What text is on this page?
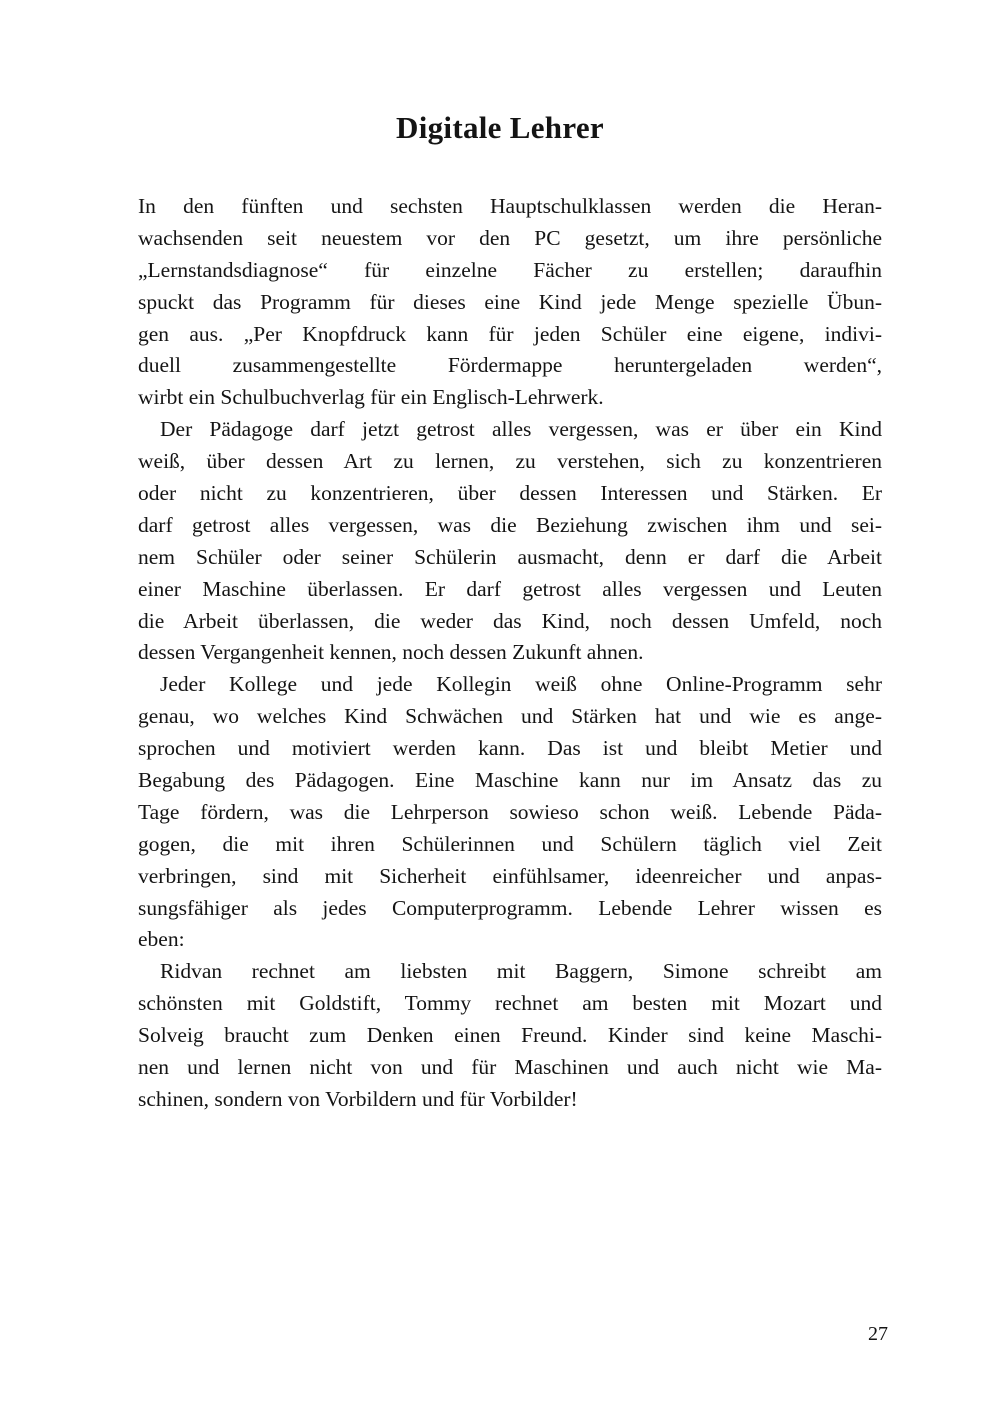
Digitale Lehrer
In den fünften und sechsten Hauptschulklassen werden die Heran-
wachsenden seit neuestem vor den PC gesetzt, um ihre persönliche
„Lernstandsdiagnose“ für einzelne Fächer zu erstellen; daraufhin
spuckt das Programm für dieses eine Kind jede Menge spezielle Übun-
gen aus. „Per Knopfdruck kann für jeden Schüler eine eigene, indivi-
duell zusammengestellte Fördermappe heruntergeladen werden“,
wirbt ein Schulbuchverlag für ein Englisch-Lehrwerk.
Der Pädagoge darf jetzt getrost alles vergessen, was er über ein Kind
weiß, über dessen Art zu lernen, zu verstehen, sich zu konzentrieren
oder nicht zu konzentrieren, über dessen Interessen und Stärken. Er
darf getrost alles vergessen, was die Beziehung zwischen ihm und sei-
nem Schüler oder seiner Schülerin ausmacht, denn er darf die Arbeit
einer Maschine überlassen. Er darf getrost alles vergessen und Leuten
die Arbeit überlassen, die weder das Kind, noch dessen Umfeld, noch
dessen Vergangenheit kennen, noch dessen Zukunft ahnen.
Jeder Kollege und jede Kollegin weiß ohne Online-Programm sehr
genau, wo welches Kind Schwächen und Stärken hat und wie es ange-
sprochen und motiviert werden kann. Das ist und bleibt Metier und
Begabung des Pädagogen. Eine Maschine kann nur im Ansatz das zu
Tage fördern, was die Lehrperson sowieso schon weiß. Lebende Päda-
gogen, die mit ihren Schülerinnen und Schülern täglich viel Zeit
verbringen, sind mit Sicherheit einfühlsamer, ideenreicher und anpas-
sungsfähiger als jedes Computerprogramm. Lebende Lehrer wissen es
eben:
Ridvan rechnet am liebsten mit Baggern, Simone schreibt am
schönsten mit Goldstift, Tommy rechnet am besten mit Mozart und
Solveig braucht zum Denken einen Freund. Kinder sind keine Maschi-
nen und lernen nicht von und für Maschinen und auch nicht wie Ma-
schinen, sondern von Vorbildern und für Vorbilder!
27
